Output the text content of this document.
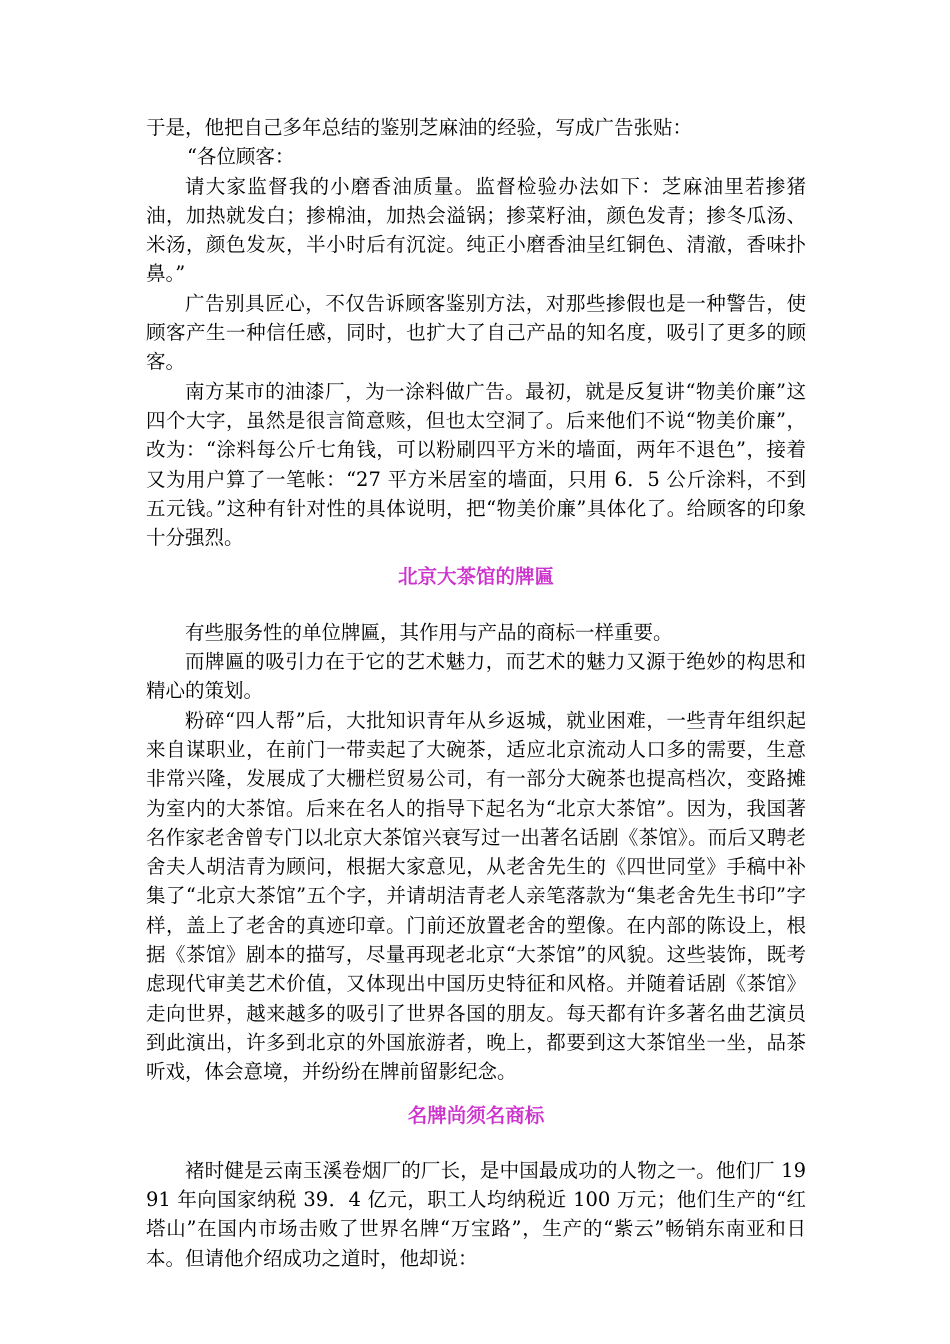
于是，他把自己多年总结的鉴别芝麻油的经验，写成广告张贴：

“各位顾客：

请大家监督我的小磨香油质量。监督检验办法如下：芝麻油里若掺猪油，加热就发白；掺棉油，加热会溢锅；掺菜籽油，颜色发青；掺冬瓜汤、米汤，颜色发灰，半小时后有沉淀。纯正小磨香油呈红铜色、清澈，香味扑鼻。”

广告别具匠心，不仅告诉顾客鉴别方法，对那些掺假也是一种警告，使顾客产生一种信任感，同时，也扩大了自己产品的知名度，吸引了更多的顾客。

南方某市的油漆厂，为一涂料做广告。最初，就是反复讲“物美价廉”这四个大字，虽然是很言简意赅，但也太空洞了。后来他们不说“物美价廉”，改为：“涂料每公斤七角钱，可以粉刷四平方米的墙面，两年不退色”，接着又为用户算了一笔帐：“27 平方米居室的墙面，只用 6．5 公斤涂料，不到五元钱。”这种有针对性的具体说明，把“物美价廉”具体化了。给顾客的印象十分强烈。

北京大茶馆的牌匾

有些服务性的单位牌匾，其作用与产品的商标一样重要。

而牌匾的吸引力在于它的艺术魅力，而艺术的魅力又源于绝妙的构思和精心的策划。

粉碎“四人帮”后，大批知识青年从乡返城，就业困难，一些青年组织起来自谋职业，在前门一带卖起了大碗茶，适应北京流动人口多的需要，生意非常兴隆，发展成了大栅栏贸易公司，有一部分大碗茶也提高档次，变路摊为室内的大茶馆。后来在名人的指导下起名为“北京大茶馆”。因为，我国著名作家老舍曾专门以北京大茶馆兴衰写过一出著名话剧《茶馆》。而后又聘老舍夫人胡洁青为顾问，根据大家意见，从老舍先生的《四世同堂》手稿中补集了“北京大茶馆”五个字，并请胡洁青老人亲笔落款为“集老舍先生书印”字样，盖上了老舍的真迹印章。门前还放置老舍的塑像。在内部的陈设上，根据《茶馆》剧本的描写，尽量再现老北京“大茶馆”的风貌。这些装饰，既考虑现代审美艺术价值，又体现出中国历史特征和风格。并随着话剧《茶馆》走向世界，越来越多的吸引了世界各国的朋友。每天都有许多著名曲艺演员到此演出，许多到北京的外国旅游者，晚上，都要到这大茶馆坐一坐，品茶听戏，体会意境，并纷纷在牌前留影纪念。

名牌尚须名商标

褚时健是云南玉溪卷烟厂的厂长，是中国最成功的人物之一。他们厂 1991 年向国家纳税 39．4 亿元，职工人均纳税近 100 万元；他们生产的“红塔山”在国内市场击败了世界名牌“万宝路”，生产的“紫云”畅销东南亚和日本。但请他介绍成功之道时，他却说：
